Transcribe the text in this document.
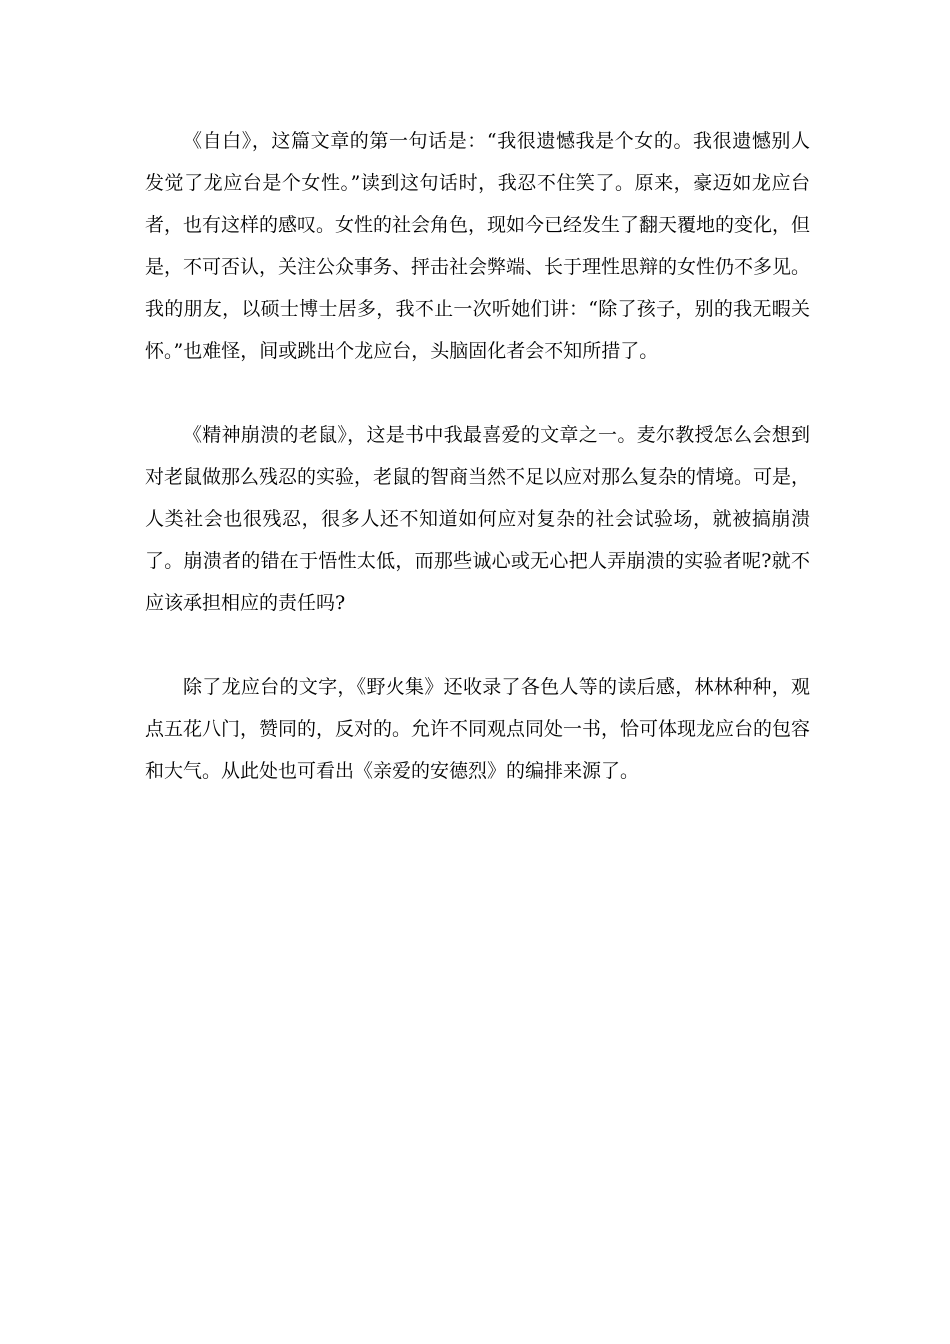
《自白》，这篇文章的第一句话是：“我很遗憾我是个女的。我很遗憾别人发觉了龙应台是个女性。”读到这句话时，我忍不住笑了。原来，豪迈如龙应台者，也有这样的感叹。女性的社会角色，现如今已经发生了翻天覆地的变化，但是，不可否认，关注公众事务、抨击社会弊端、长于理性思辩的女性仍不多见。我的朋友，以硕士博士居多，我不止一次听她们讲：“除了孩子，别的我无暇关怀。”也难怪，间或跳出个龙应台，头脑固化者会不知所措了。

《精神崩溃的老鼠》，这是书中我最喜爱的文章之一。麦尔教授怎么会想到对老鼠做那么残忍的实验，老鼠的智商当然不足以应对那么复杂的情境。可是，人类社会也很残忍，很多人还不知道如何应对复杂的社会试验场，就被搞崩溃了。崩溃者的错在于悟性太低，而那些诚心或无心把人弄崩溃的实验者呢?就不应该承担相应的责任吗?

除了龙应台的文字，《野火集》还收录了各色人等的读后感，林林种种，观点五花八门，赞同的，反对的。允许不同观点同处一书，恰可体现龙应台的包容和大气。从此处也可看出《亲爱的安德烈》的编排来源了。
